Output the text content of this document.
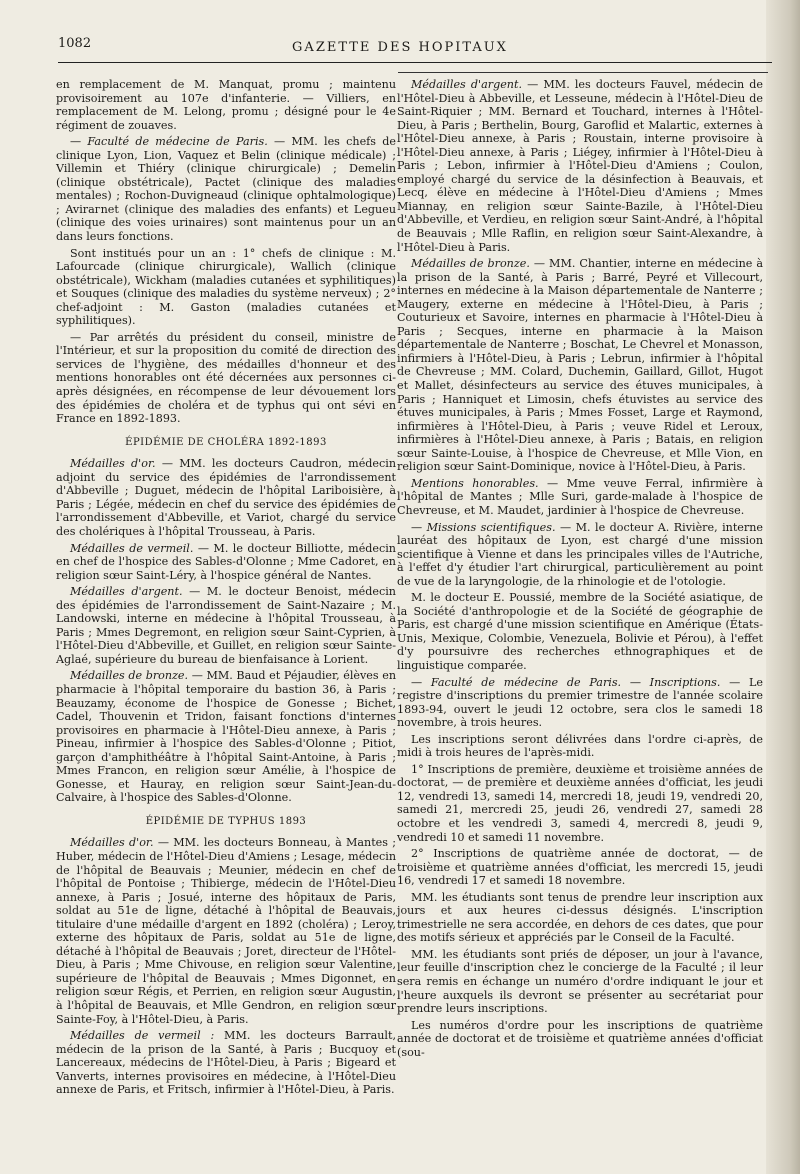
1082	GAZETTE DES HOPITAUX

en remplacement de M. Manquat, promu ; maintenu provisoirement au 107e d'infanterie. — Villiers, en remplacement de M. Lelong, promu ; désigné pour le 4e régiment de zouaves.

— Faculté de médecine de Paris. — MM. les chefs de clinique Lyon, Lion, Vaquez et Belin (clinique médicale) ; Villemin et Thiéry (clinique chirurgicale) ; Demelin (clinique obstétricale), Pactet (clinique des maladies mentales) ; Rochon-Duvigneaud (clinique ophtalmologique) ; Avirагnet (clinique des maladies des enfants) et Legueu (clinique des voies urinaires) sont maintenus pour un an dans leurs fonctions.

Sont institués pour un an : 1° chefs de clinique : M. Lafourcade (clinique chirurgicale), Wallich (clinique obstétricale), Wickham (maladies cutanées et syphilitiques) et Souques (clinique des maladies du système nerveux) ; 2° chef-adjoint : M. Gaston (maladies cutanées et syphilitiques).

— Par arrêtés du président du conseil, ministre de l'Intérieur, et sur la proposition du comité de direction des services de l'hygiène, des médailles d'honneur et des mentions honorables ont été décernées aux personnes ci-après désignées, en récompense de leur dévouement lors des épidémies de choléra et de typhus qui ont sévi en France en 1892-1893.

ÉPIDÉMIE DE CHOLÉRA 1892-1893

Médailles d'or. — MM. les docteurs Caudron, médecin adjoint du service des épidémies de l'arrondissement d'Abbeville ; Duguet, médecin de l'hôpital Lariboisière, à Paris ; Légée, médecin en chef du service des épidémies de l'arrondissement d'Abbeville, et Variot, chargé du service des cholériques à l'hôpital Trousseau, à Paris.

Médailles de vermeil. — M. le docteur Billiotte, médecin en chef de l'hospice des Sables-d'Olonne ; Mme Cadoret, en religion sœur Saint-Léry, à l'hospice général de Nantes.

Médailles d'argent. — M. le docteur Benoist, médecin des épidémies de l'arrondissement de Saint-Nazaire ; M. Landowski, interne en médecine à l'hôpital Trousseau, à Paris ; Mmes Degremont, en religion sœur Saint-Cyprien, à l'Hôtel-Dieu d'Abbeville, et Guillet, en religion sœur Sainte-Aglaé, supérieure du bureau de bienfaisance à Lorient.

Médailles de bronze. — MM. Baud et Péjaudier, élèves en pharmacie à l'hôpital temporaire du bastion 36, à Paris ; Beauzamy, économe de l'hospice de Gonesse ; Bichet, Cadel, Thouvenin et Tridon, faisant fonctions d'internes provisoires en pharmacie à l'Hôtel-Dieu annexe, à Paris ; Pineau, infirmier à l'hospice des Sables-d'Olonne ; Pitiot, garçon d'amphithéâtre à l'hôpital Saint-Antoine, à Paris ; Mmes Francon, en religion sœur Amélie, à l'hospice de Gonesse, et Hauray, en religion sœur Saint-Jean-du-Calvaire, à l'hospice des Sables-d'Olonne.

ÉPIDÉMIE DE TYPHUS 1893

Médailles d'or. — MM. les docteurs Bonneau, à Mantes ; Huber, médecin de l'Hôtel-Dieu d'Amiens ; Lesage, médecin de l'hôpital de Beauvais ; Meunier, médecin en chef de l'hôpital de Pontoise ; Thibierge, médecin de l'Hôtel-Dieu annexe, à Paris ; Josué, interne des hôpitaux de Paris, soldat au 51e de ligne, détaché à l'hôpital de Beauvais, titulaire d'une médaille d'argent en 1892 (choléra) ; Leroy, externe des hôpitaux de Paris, soldat au 51e de ligne, détaché à l'hôpital de Beauvais ; Joret, directeur de l'Hôtel-Dieu, à Paris ; Mme Chivouse, en religion sœur Valentine, supérieure de l'hôpital de Beauvais ; Mmes Digonnet, en religion sœur Régis, et Perrien, en religion sœur Augustin, à l'hôpital de Beauvais, et Mlle Gendron, en religion sœur Sainte-Foy, à l'Hôtel-Dieu, à Paris.

Médailles de vermeil : MM. les docteurs Barrault, médecin de la prison de la Santé, à Paris ; Bucquoy et Lancereaux, médecins de l'Hôtel-Dieu, à Paris ; Bigeard et Vanverts, internes provisoires en médecine, à l'Hôtel-Dieu annexe de Paris, et Fritsch, infirmier à l'Hôtel-Dieu, à Paris.

Médailles d'argent. — MM. les docteurs Fauvel, médecin de l'Hôtel-Dieu à Abbeville, et Lesseune, médecin à l'Hôtel-Dieu de Saint-Riquier ; MM. Bernard et Touchard, internes à l'Hôtel-Dieu, à Paris ; Berthelin, Bourg, Garoflid et Malartic, externes à l'Hôtel-Dieu annexe, à Paris ; Roustain, interne provisoire à l'Hôtel-Dieu annexe, à Paris ; Liégey, infirmier à l'Hôtel-Dieu à Paris ; Lebon, infirmier à l'Hôtel-Dieu d'Amiens ; Coulon, employé chargé du service de la désinfection à Beauvais, et Lecq, élève en médecine à l'Hôtel-Dieu d'Amiens ; Mmes Miannay, en religion sœur Sainte-Bazile, à l'Hôtel-Dieu d'Abbeville, et Verdieu, en religion sœur Saint-André, à l'hôpital de Beauvais ; Mlle Raflin, en religion sœur Saint-Alexandre, à l'Hôtel-Dieu à Paris.

Médailles de bronze. — MM. Chantier, interne en médecine à la prison de la Santé, à Paris ; Barré, Peyré et Villecourt, internes en médecine à la Maison départementale de Nanterre ; Maugery, externe en médecine à l'Hôtel-Dieu, à Paris ; Couturieux et Savoire, internes en pharmacie à l'Hôtel-Dieu à Paris ; Secques, interne en pharmacie à la Maison départementale de Nanterre ; Boschat, Le Chevrel et Monasson, infirmiers à l'Hôtel-Dieu, à Paris ; Lebrun, infirmier à l'hôpital de Chevreuse ; MM. Colard, Duchemin, Gaillard, Gillot, Hugot et Mallet, désinfecteurs au service des étuves municipales, à Paris ; Hanniquet et Limosin, chefs étuvistes au service des étuves municipales, à Paris ; Mmes Fosset, Large et Raymond, infirmières à l'Hôtel-Dieu, à Paris ; veuve Ridel et Leroux, infirmières à l'Hôtel-Dieu annexe, à Paris ; Batais, en religion sœur Sainte-Louise, à l'hospice de Chevreuse, et Mlle Vion, en religion sœur Saint-Dominique, novice à l'Hôtel-Dieu, à Paris.

Mentions honorables. — Mme veuve Ferral, infirmière à l'hôpital de Mantes ; Mlle Suri, garde-malade à l'hospice de Chevreuse, et M. Maudet, jardinier à l'hospice de Chevreuse.

— Missions scientifiques. — M. le docteur A. Rivière, interne lauréat des hôpitaux de Lyon, est chargé d'une mission scientifique à Vienne et dans les principales villes de l'Autriche, à l'effet d'y étudier l'art chirurgical, particulièrement au point de vue de la laryngologie, de la rhinologie et de l'otologie.

M. le docteur E. Poussié, membre de la Société asiatique, de la Société d'anthropologie et de la Société de géographie de Paris, est chargé d'une mission scientifique en Amérique (États-Unis, Mexique, Colombie, Venezuela, Bolivie et Pérou), à l'effet d'y poursuivre des recherches ethnographiques et de linguistique comparée.

— Faculté de médecine de Paris. — Inscriptions. — Le registre d'inscriptions du premier trimestre de l'année scolaire 1893-94, ouvert le jeudi 12 octobre, sera clos le samedi 18 novembre, à trois heures.

Les inscriptions seront délivrées dans l'ordre ci-après, de midi à trois heures de l'après-midi.

1° Inscriptions de première, deuxième et troisième années de doctorat, — de première et deuxième années d'officiat, les jeudi 12, vendredi 13, samedi 14, mercredi 18, jeudi 19, vendredi 20, samedi 21, mercredi 25, jeudi 26, vendredi 27, samedi 28 octobre et les vendredi 3, samedi 4, mercredi 8, jeudi 9, vendredi 10 et samedi 11 novembre.

2° Inscriptions de quatrième année de doctorat, — de troisième et quatrième années d'officiat, les mercredi 15, jeudi 16, vendredi 17 et samedi 18 novembre.

MM. les étudiants sont tenus de prendre leur inscription aux jours et aux heures ci-dessus désignés. L'inscription trimestrielle ne sera accordée, en dehors de ces dates, que pour des motifs sérieux et appréciés par le Conseil de la Faculté.

MM. les étudiants sont priés de déposer, un jour à l'avance, leur feuille d'inscription chez le concierge de la Faculté ; il leur sera remis en échange un numéro d'ordre indiquant le jour et l'heure auxquels ils devront se présenter au secrétariat pour prendre leurs inscriptions.

Les numéros d'ordre pour les inscriptions de quatrième année de doctorat et de troisième et quatrième années d'officiat (sou-
